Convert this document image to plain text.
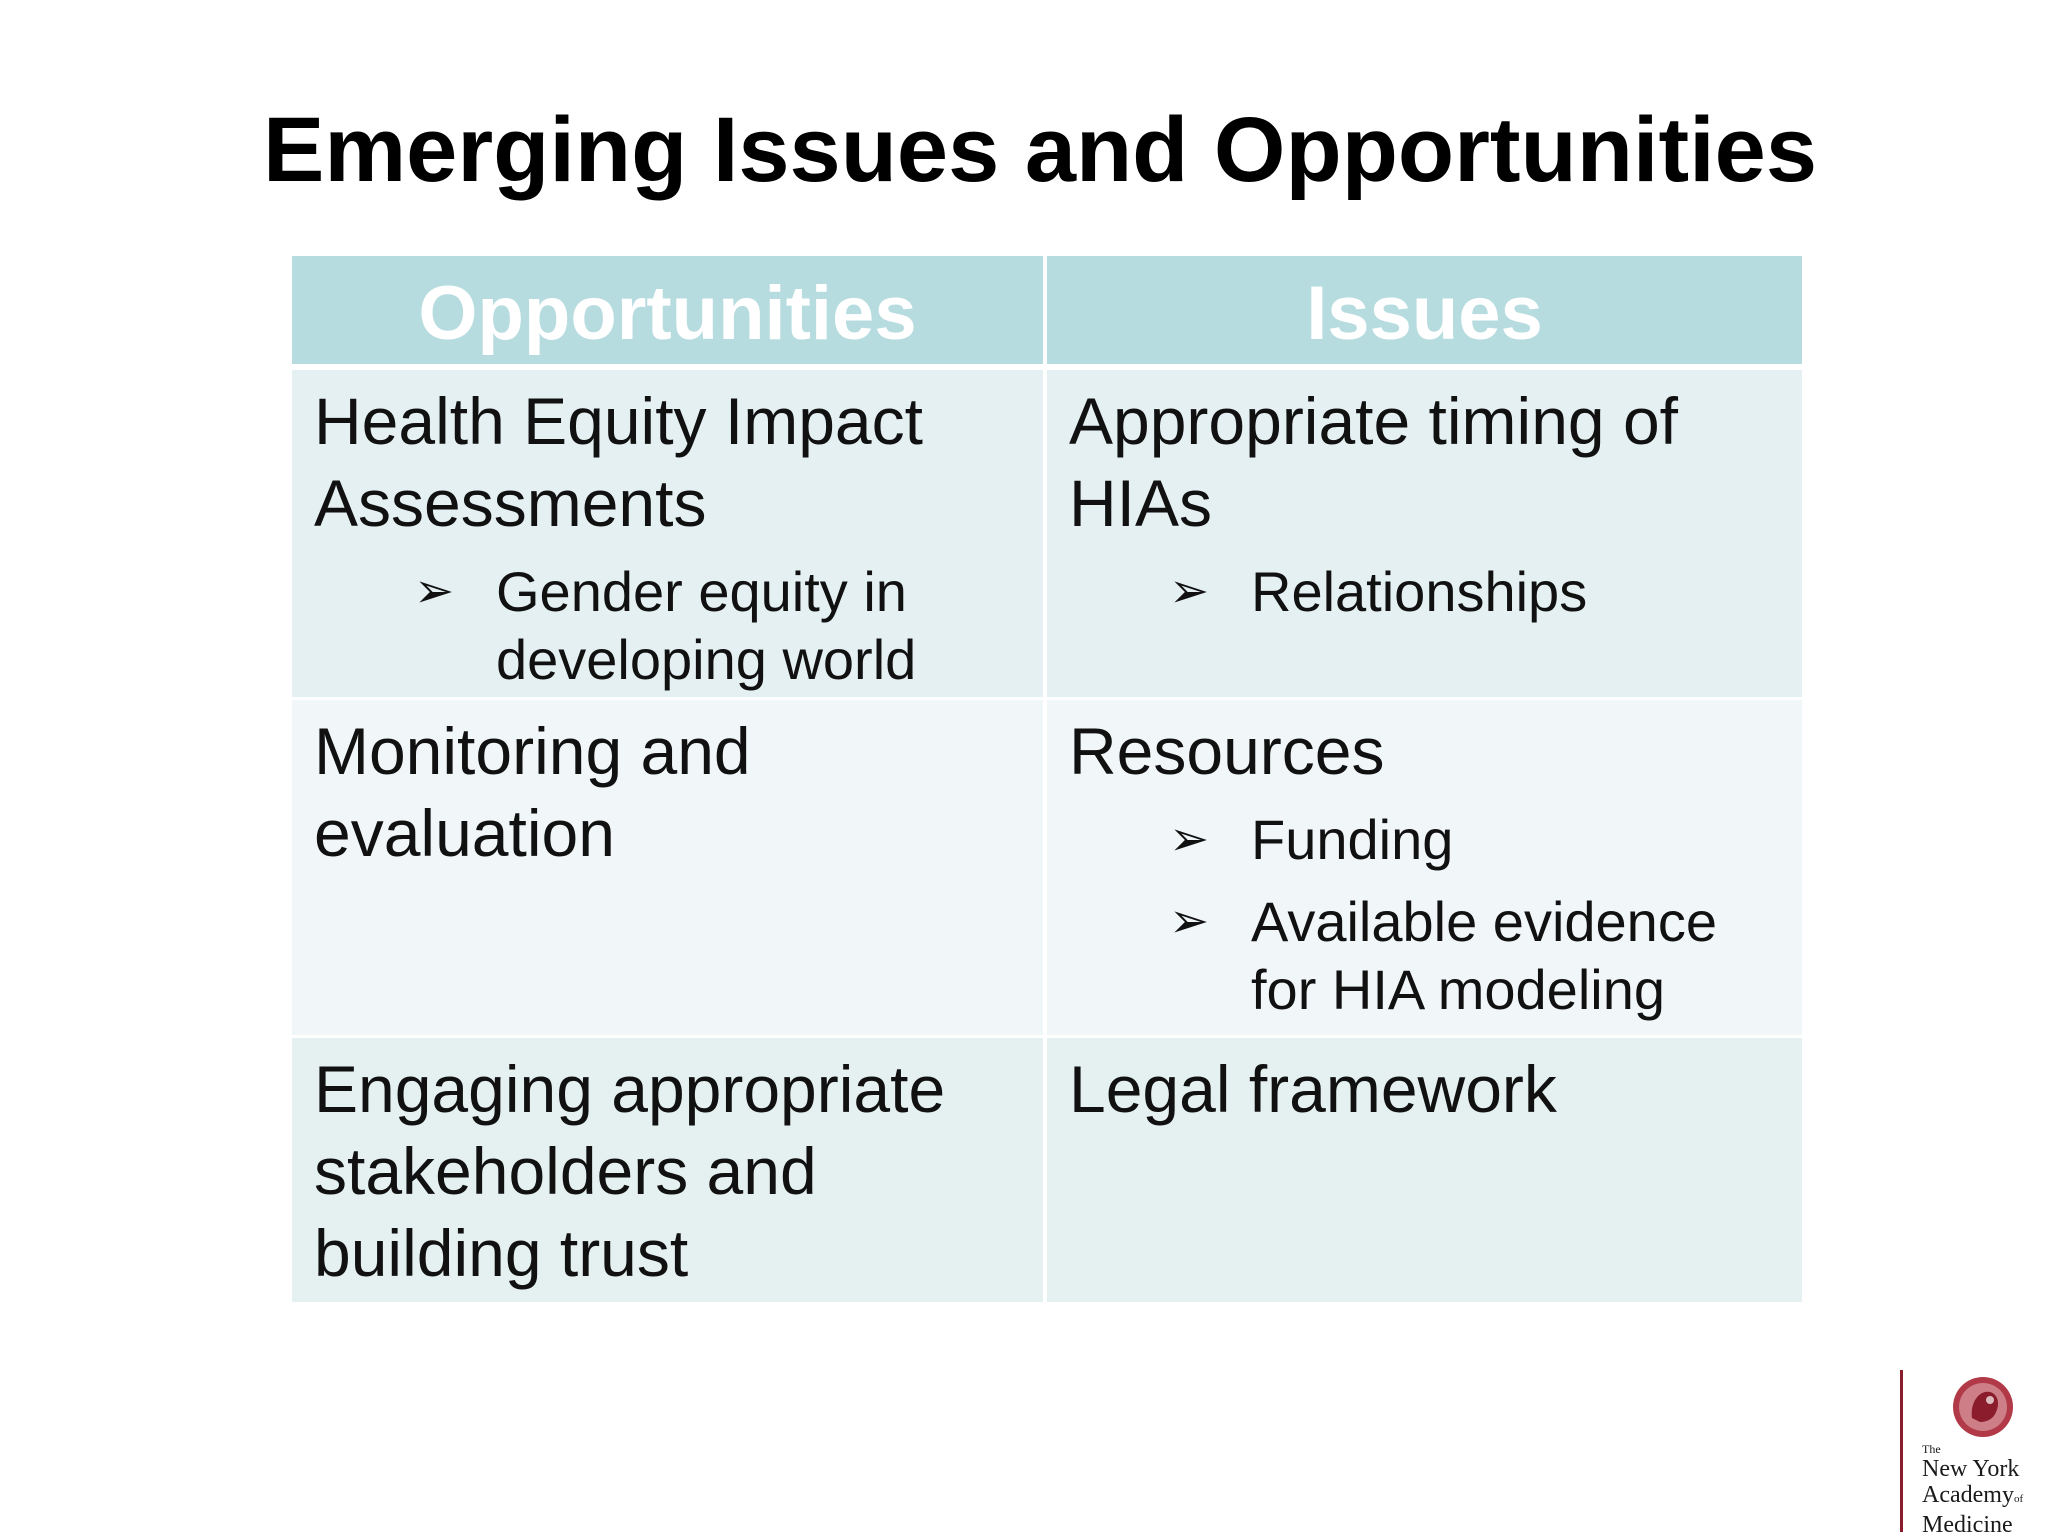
Emerging Issues and Opportunities
Opportunities	Issues

Health Equity Impact Assessments

➢ Gender equity in developing world

Appropriate timing of HIAs

➢ Relationships

Monitoring and evaluation

Resources

➢ Funding
➢ Available evidence for HIA modeling

Engaging appropriate stakeholders and building trust

Legal framework

The
New York
Academyof
Medicine
